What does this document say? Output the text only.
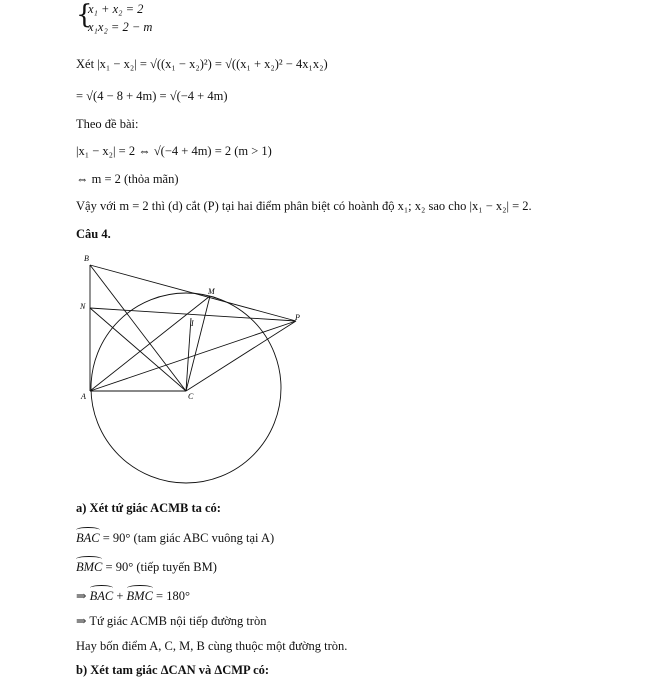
{
x₁ + x₂ = 2
x₁x₂ = 2 − m
Xét |x₁ − x₂| = √((x₁ − x₂)²) = √((x₁ + x₂)² − 4x₁x₂)
= √(4 − 8 + 4m) = √(−4 + 4m)
Theo đề bài:
|x₁ − x₂| = 2 ⇔ √(−4 + 4m) = 2 (m > 1)
⇔ m = 2 (thỏa mãn)
Vậy với m = 2 thì (d) cắt (P) tại hai điểm phân biệt có hoành độ x₁; x₂ sao cho |x₁ − x₂| = 2.
Câu 4.
B
N
M
I
P
A	C
a) Xét tứ giác ACMB ta có:
BAC = 90° (tam giác ABC vuông tại A)
BMC = 90° (tiếp tuyến BM)
⇒ BAC + BMC = 180°
⇒ Tứ giác ACMB nội tiếp đường tròn
Hay bốn điểm A, C, M, B cùng thuộc một đường tròn.
b) Xét tam giác ΔCAN và ΔCMP có:
